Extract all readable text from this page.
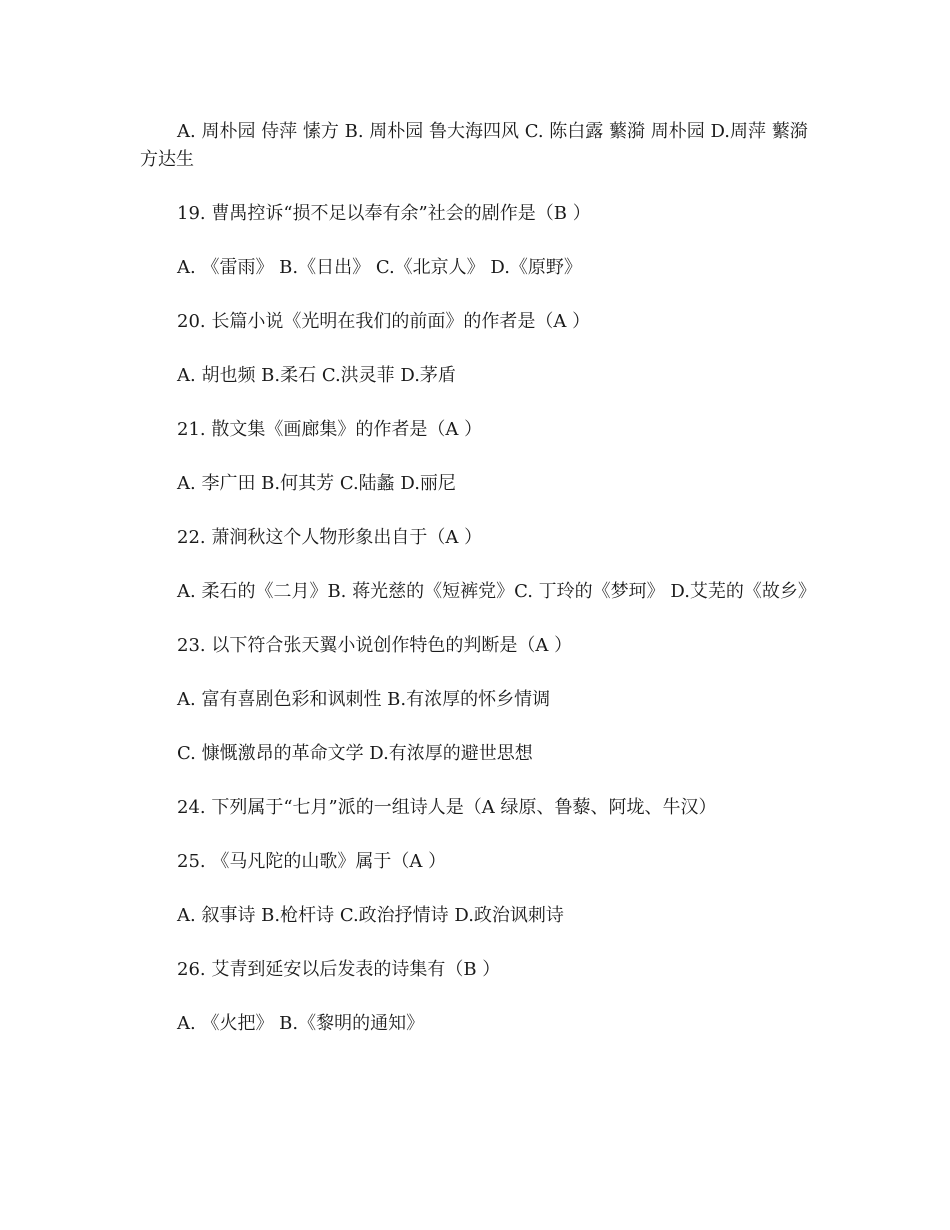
A. 周朴园 侍萍 愫方 B. 周朴园 鲁大海四风 C. 陈白露 蘩漪 周朴园 D.周萍 蘩漪 方达生

19. 曹禺控诉“损不足以奉有余”社会的剧作是（B ）

A. 《雷雨》 B.《日出》 C.《北京人》 D.《原野》

20. 长篇小说《光明在我们的前面》的作者是（A ）

A. 胡也频 B.柔石 C.洪灵菲 D.茅盾

21. 散文集《画廊集》的作者是（A ）

A. 李广田 B.何其芳 C.陆蠡 D.丽尼

22. 萧涧秋这个人物形象出自于（A ）

A. 柔石的《二月》B. 蒋光慈的《短裤党》C. 丁玲的《梦珂》 D.艾芜的《故乡》

23. 以下符合张天翼小说创作特色的判断是（A ）

A. 富有喜剧色彩和讽刺性 B.有浓厚的怀乡情调

C. 慷慨激昂的革命文学 D.有浓厚的避世思想

24. 下列属于“七月”派的一组诗人是（A 绿原、鲁藜、阿垅、牛汉）

25. 《马凡陀的山歌》属于（A ）

A. 叙事诗 B.枪杆诗 C.政治抒情诗 D.政治讽刺诗

26. 艾青到延安以后发表的诗集有（B ）

A. 《火把》 B.《黎明的通知》
